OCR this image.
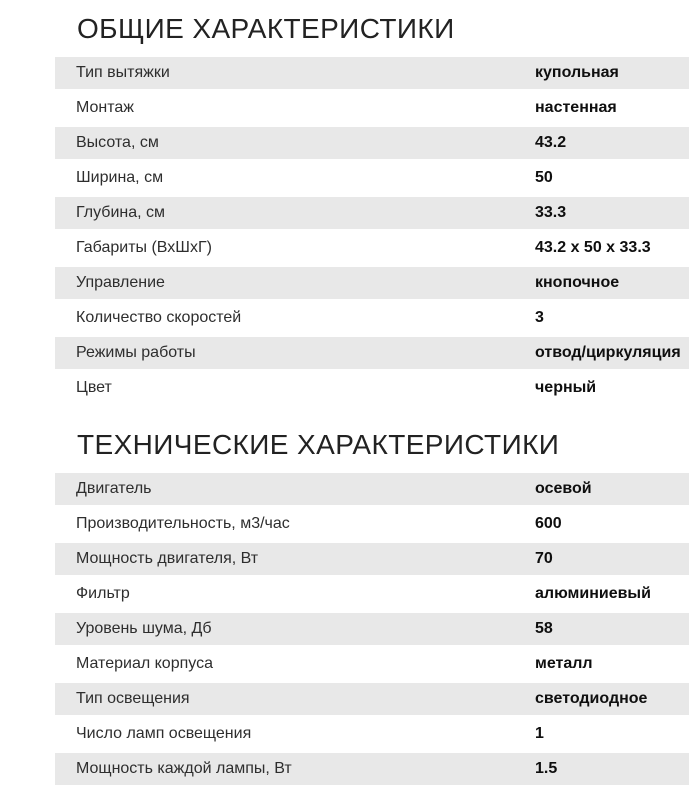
ОБЩИЕ ХАРАКТЕРИСТИКИ
Тип вытяжки	купольная
Монтаж	настенная
Высота, см	43.2
Ширина, см	50
Глубина, см	33.3
Габариты (ВхШхГ)	43.2 x 50 x 33.3
Управление	кнопочное
Количество скоростей	3
Режимы работы	отвод/циркуляция
Цвет	черный
ТЕХНИЧЕСКИЕ ХАРАКТЕРИСТИКИ
Двигатель	осевой
Производительность, м3/час	600
Мощность двигателя, Вт	70
Фильтр	алюминиевый
Уровень шума, Дб	58
Материал корпуса	металл
Тип освещения	светодиодное
Число ламп освещения	1
Мощность каждой лампы, Вт	1.5
